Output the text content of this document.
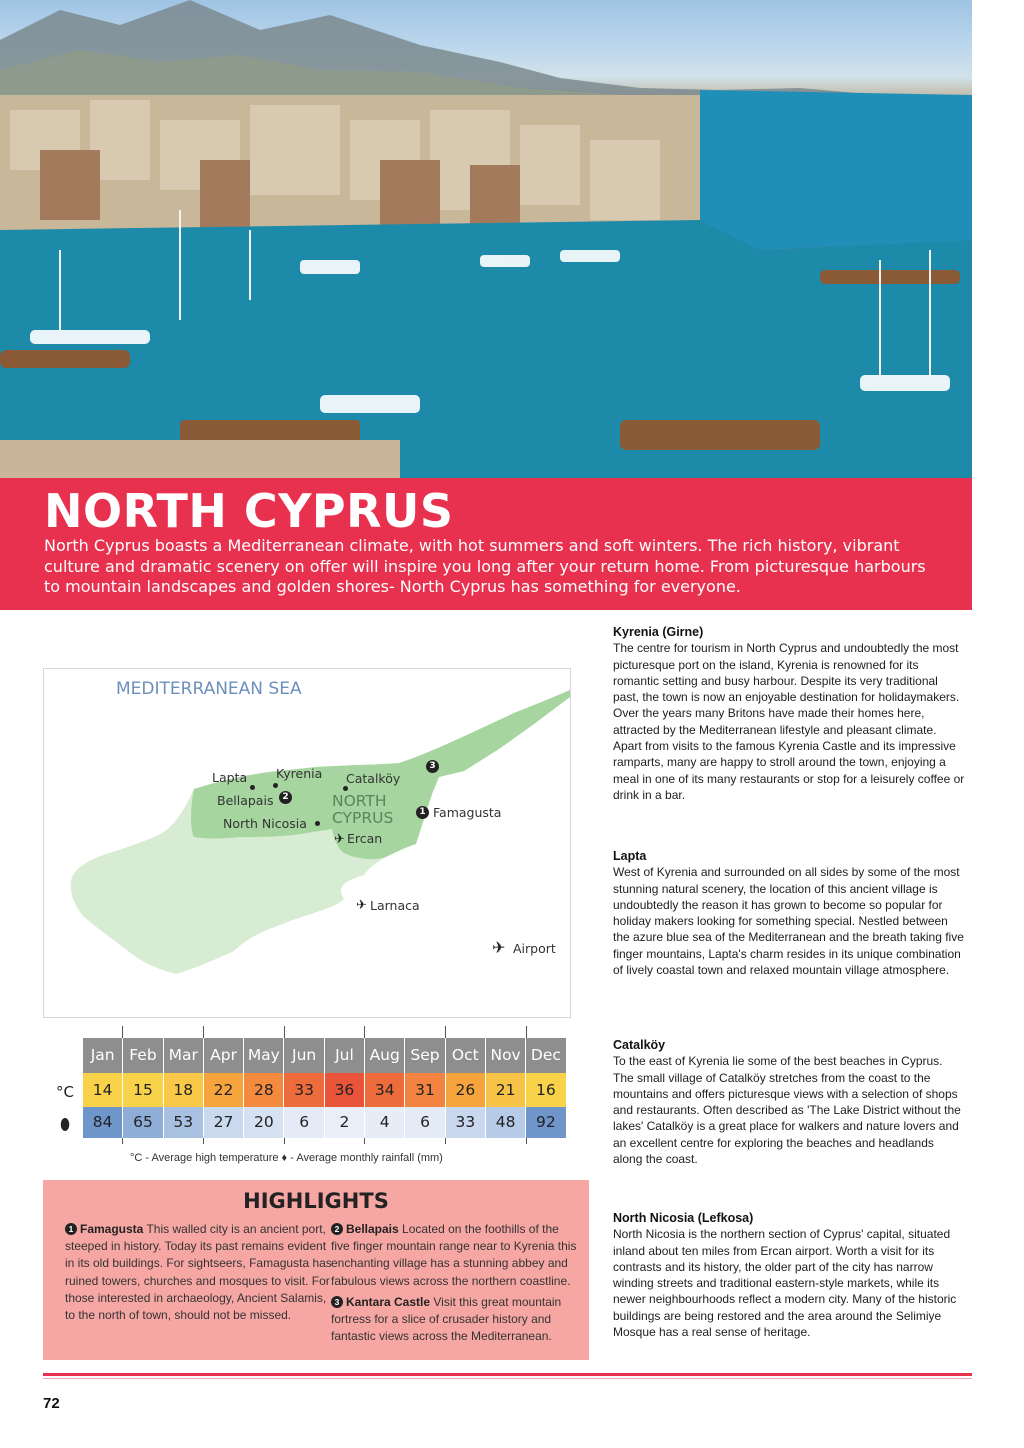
NORTH CYPRUS

North Cyprus boasts a Mediterranean climate, with hot summers and soft winters. The rich history, vibrant culture and dramatic scenery on offer will inspire you long after your return home. From picturesque harbours to mountain landscapes and golden shores- North Cyprus has something for everyone.

MEDITERRANEAN SEA
NORTH
CYPRUS
Lapta Kyrenia Catalköy
3
Bellapais 2
North Nicosia
1 Famagusta
✈ Ercan
✈ Larnaca
✈ Airport
Jan Feb Mar Apr May Jun	Jul	Aug Sep Oct Nov Dec
14	15	18	22	28	33	36	34	31	26	21	16
84	65	53	27	20	6	2	4	6	33	48	92
°C
⬮
°C - Average high temperature ♦ - Average monthly rainfall (mm)
HIGHLIGHTS
1 Famagusta This walled city is an ancient port, steeped in history. Today its past remains evident in its old buildings. For sightseers, Famagusta has ruined towers, churches and mosques to visit. For those interested in archaeology, Ancient Salamis, to the north of town, should not be missed.
2 Bellapais Located on the foothills of the five finger mountain range near to Kyrenia this enchanting village has a stunning abbey and fabulous views across the northern coastline.
3 Kantara Castle Visit this great mountain fortress for a slice of crusader history and fantastic views across the Mediterranean.
Kyrenia (Girne)

The centre for tourism in North Cyprus and undoubtedly the most picturesque port on the island, Kyrenia is renowned for its romantic setting and busy harbour. Despite its very traditional past, the town is now an enjoyable destination for holidaymakers. Over the years many Britons have made their homes here, attracted by the Mediterranean lifestyle and pleasant climate. Apart from visits to the famous Kyrenia Castle and its impressive ramparts, many are happy to stroll around the town, enjoying a meal in one of its many restaurants or stop for a leisurely coffee or drink in a bar.

Lapta

West of Kyrenia and surrounded on all sides by some of the most stunning natural scenery, the location of this ancient village is undoubtedly the reason it has grown to become so popular for holiday makers looking for something special. Nestled between the azure blue sea of the Mediterranean and the breath taking five finger mountains, Lapta's charm resides in its unique combination of lively coastal town and relaxed mountain village atmosphere.

Catalköy

To the east of Kyrenia lie some of the best beaches in Cyprus. The small village of Catalköy stretches from the coast to the mountains and offers picturesque views with a selection of shops and restaurants. Often described as 'The Lake District without the lakes' Catalköy is a great place for walkers and nature lovers and an excellent centre for exploring the beaches and headlands along the coast.

North Nicosia (Lefkosa)

North Nicosia is the northern section of Cyprus' capital, situated inland about ten miles from Ercan airport. Worth a visit for its contrasts and its history, the older part of the city has narrow winding streets and traditional eastern-style markets, while its newer neighbourhoods reflect a modern city. Many of the historic buildings are being restored and the area around the Selimiye Mosque has a real sense of heritage.

72
